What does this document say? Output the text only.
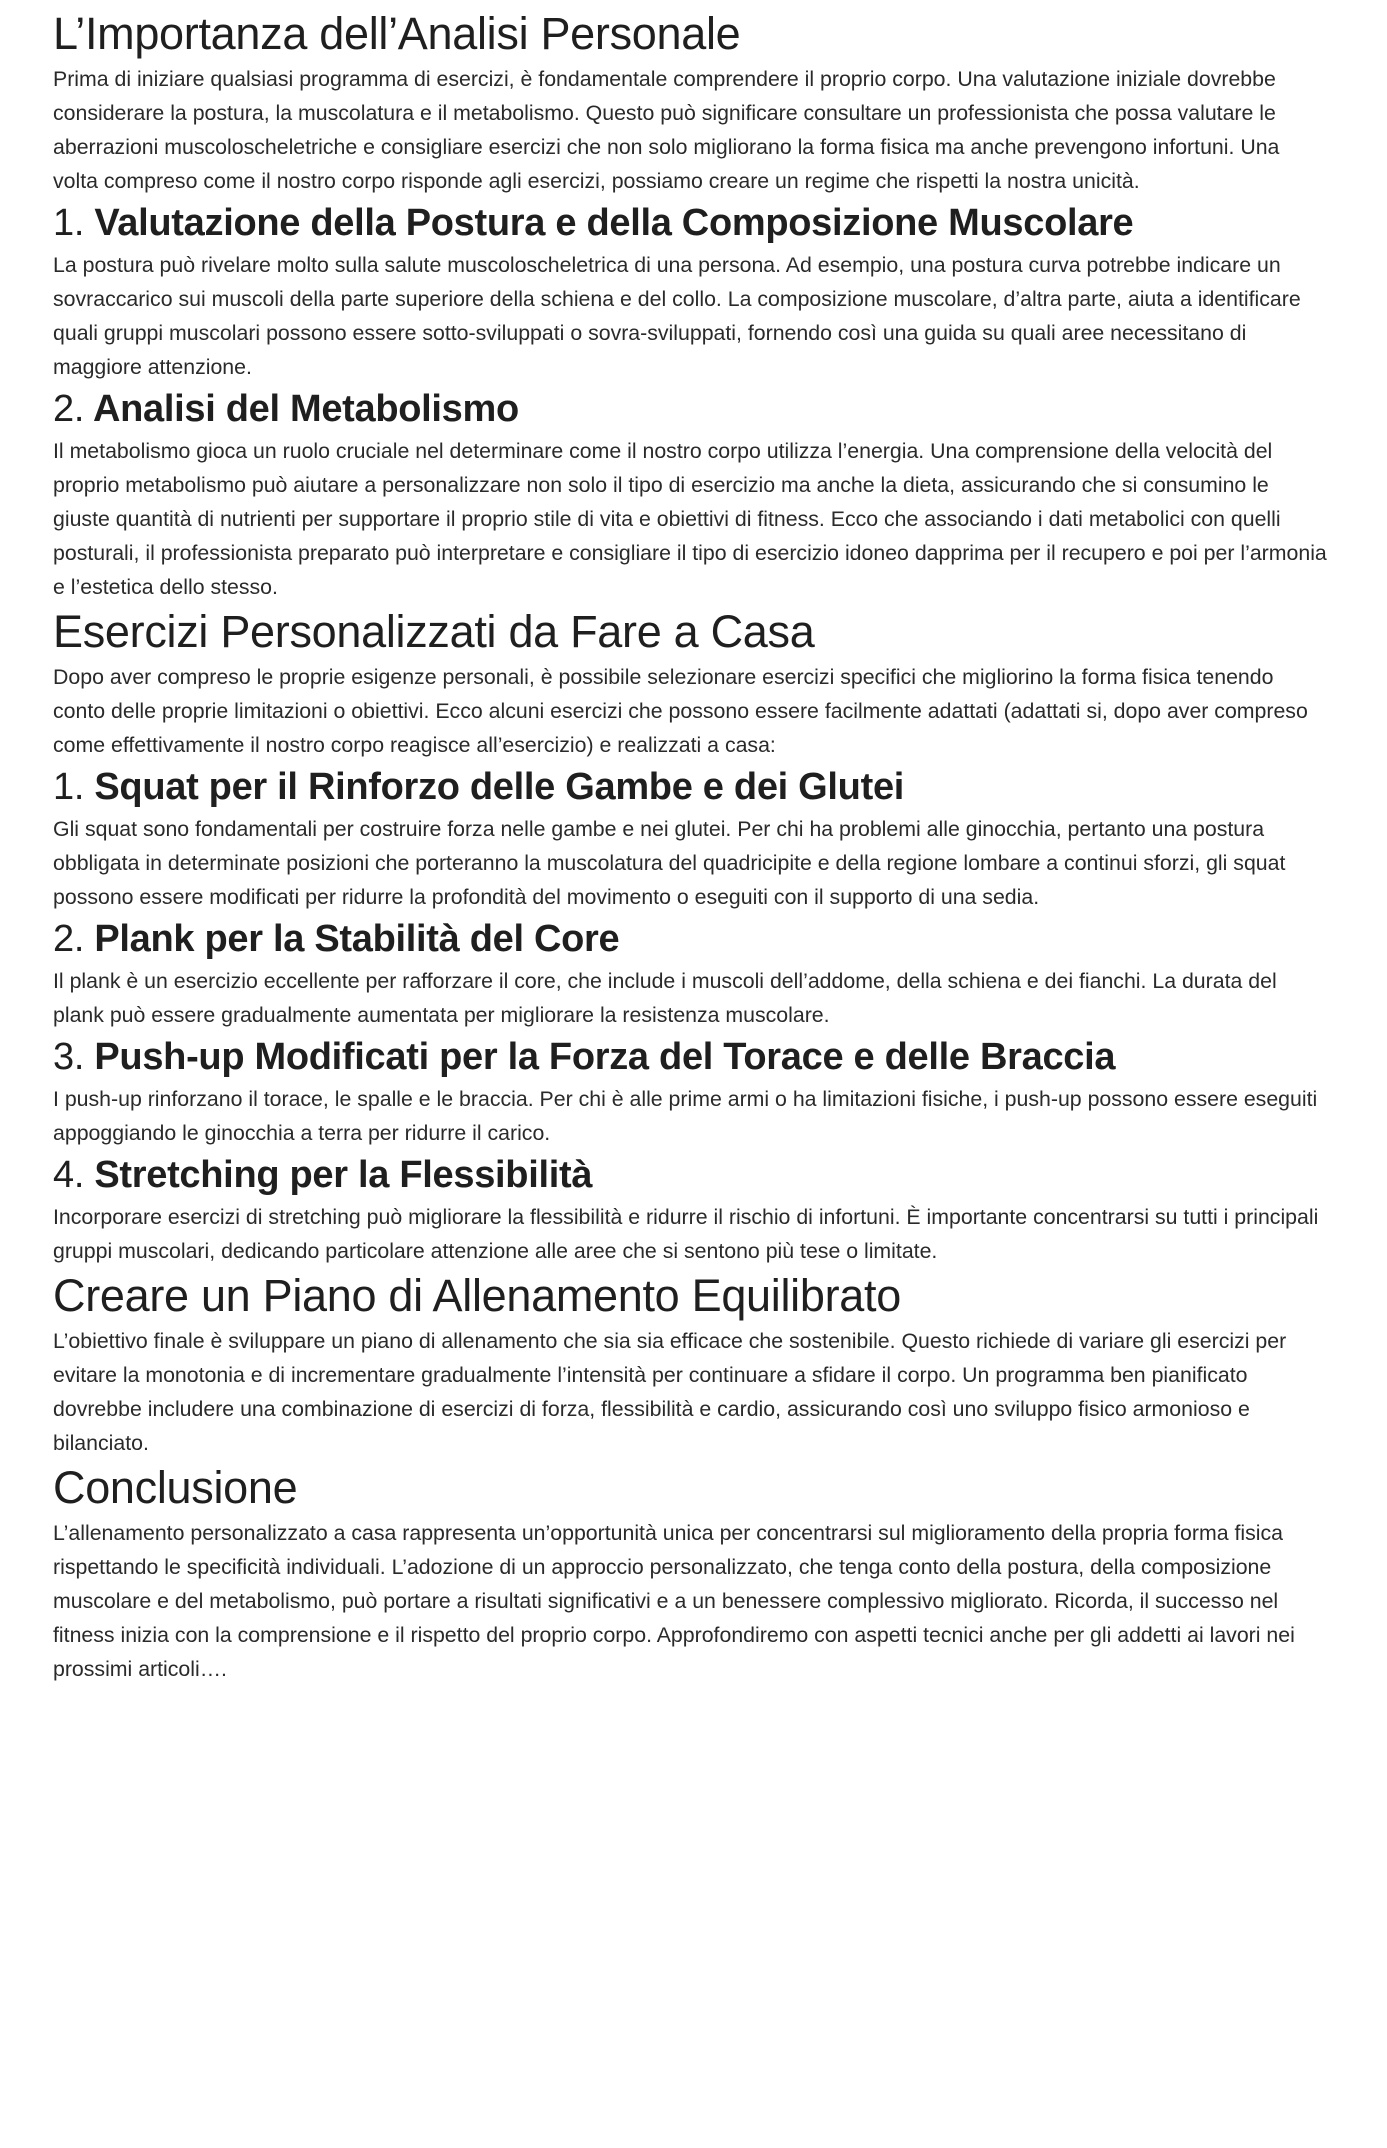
L’Importanza dell’Analisi Personale

Prima di iniziare qualsiasi programma di esercizi, è fondamentale comprendere il proprio corpo. Una valutazione iniziale dovrebbe considerare la postura, la muscolatura e il metabolismo. Questo può significare consultare un professionista che possa valutare le aberrazioni muscoloscheletriche e consigliare esercizi che non solo migliorano la forma fisica ma anche prevengono infortuni. Una volta compreso come il nostro corpo risponde agli esercizi, possiamo creare un regime che rispetti la nostra unicità.

1. Valutazione della Postura e della Composizione Muscolare

La postura può rivelare molto sulla salute muscoloscheletrica di una persona. Ad esempio, una postura curva potrebbe indicare un sovraccarico sui muscoli della parte superiore della schiena e del collo. La composizione muscolare, d’altra parte, aiuta a identificare quali gruppi muscolari possono essere sotto-sviluppati o sovra-sviluppati, fornendo così una guida su quali aree necessitano di maggiore attenzione.

2. Analisi del Metabolismo

Il metabolismo gioca un ruolo cruciale nel determinare come il nostro corpo utilizza l’energia. Una comprensione della velocità del proprio metabolismo può aiutare a personalizzare non solo il tipo di esercizio ma anche la dieta, assicurando che si consumino le giuste quantità di nutrienti per supportare il proprio stile di vita e obiettivi di fitness. Ecco che associando i dati metabolici con quelli posturali, il professionista preparato può interpretare e consigliare il tipo di esercizio idoneo dapprima per il recupero e poi per l’armonia e l’estetica dello stesso.

Esercizi Personalizzati da Fare a Casa

Dopo aver compreso le proprie esigenze personali, è possibile selezionare esercizi specifici che migliorino la forma fisica tenendo conto delle proprie limitazioni o obiettivi. Ecco alcuni esercizi che possono essere facilmente adattati (adattati si, dopo aver compreso come effettivamente il nostro corpo reagisce all’esercizio) e realizzati a casa:

1. Squat per il Rinforzo delle Gambe e dei Glutei

Gli squat sono fondamentali per costruire forza nelle gambe e nei glutei. Per chi ha problemi alle ginocchia, pertanto una postura obbligata in determinate posizioni che porteranno la muscolatura del quadricipite e della regione lombare a continui sforzi, gli squat possono essere modificati per ridurre la profondità del movimento o eseguiti con il supporto di una sedia.

2. Plank per la Stabilità del Core

Il plank è un esercizio eccellente per rafforzare il core, che include i muscoli dell’addome, della schiena e dei fianchi. La durata del plank può essere gradualmente aumentata per migliorare la resistenza muscolare.

3. Push-up Modificati per la Forza del Torace e delle Braccia

I push-up rinforzano il torace, le spalle e le braccia. Per chi è alle prime armi o ha limitazioni fisiche, i push-up possono essere eseguiti appoggiando le ginocchia a terra per ridurre il carico.

4. Stretching per la Flessibilità

Incorporare esercizi di stretching può migliorare la flessibilità e ridurre il rischio di infortuni. È importante concentrarsi su tutti i principali gruppi muscolari, dedicando particolare attenzione alle aree che si sentono più tese o limitate.

Creare un Piano di Allenamento Equilibrato

L’obiettivo finale è sviluppare un piano di allenamento che sia sia efficace che sostenibile. Questo richiede di variare gli esercizi per evitare la monotonia e di incrementare gradualmente l’intensità per continuare a sfidare il corpo. Un programma ben pianificato dovrebbe includere una combinazione di esercizi di forza, flessibilità e cardio, assicurando così uno sviluppo fisico armonioso e bilanciato.

Conclusione

L’allenamento personalizzato a casa rappresenta un’opportunità unica per concentrarsi sul miglioramento della propria forma fisica rispettando le specificità individuali. L’adozione di un approccio personalizzato, che tenga conto della postura, della composizione muscolare e del metabolismo, può portare a risultati significativi e a un benessere complessivo migliorato. Ricorda, il successo nel fitness inizia con la comprensione e il rispetto del proprio corpo. Approfondiremo con aspetti tecnici anche per gli addetti ai lavori nei prossimi articoli….
